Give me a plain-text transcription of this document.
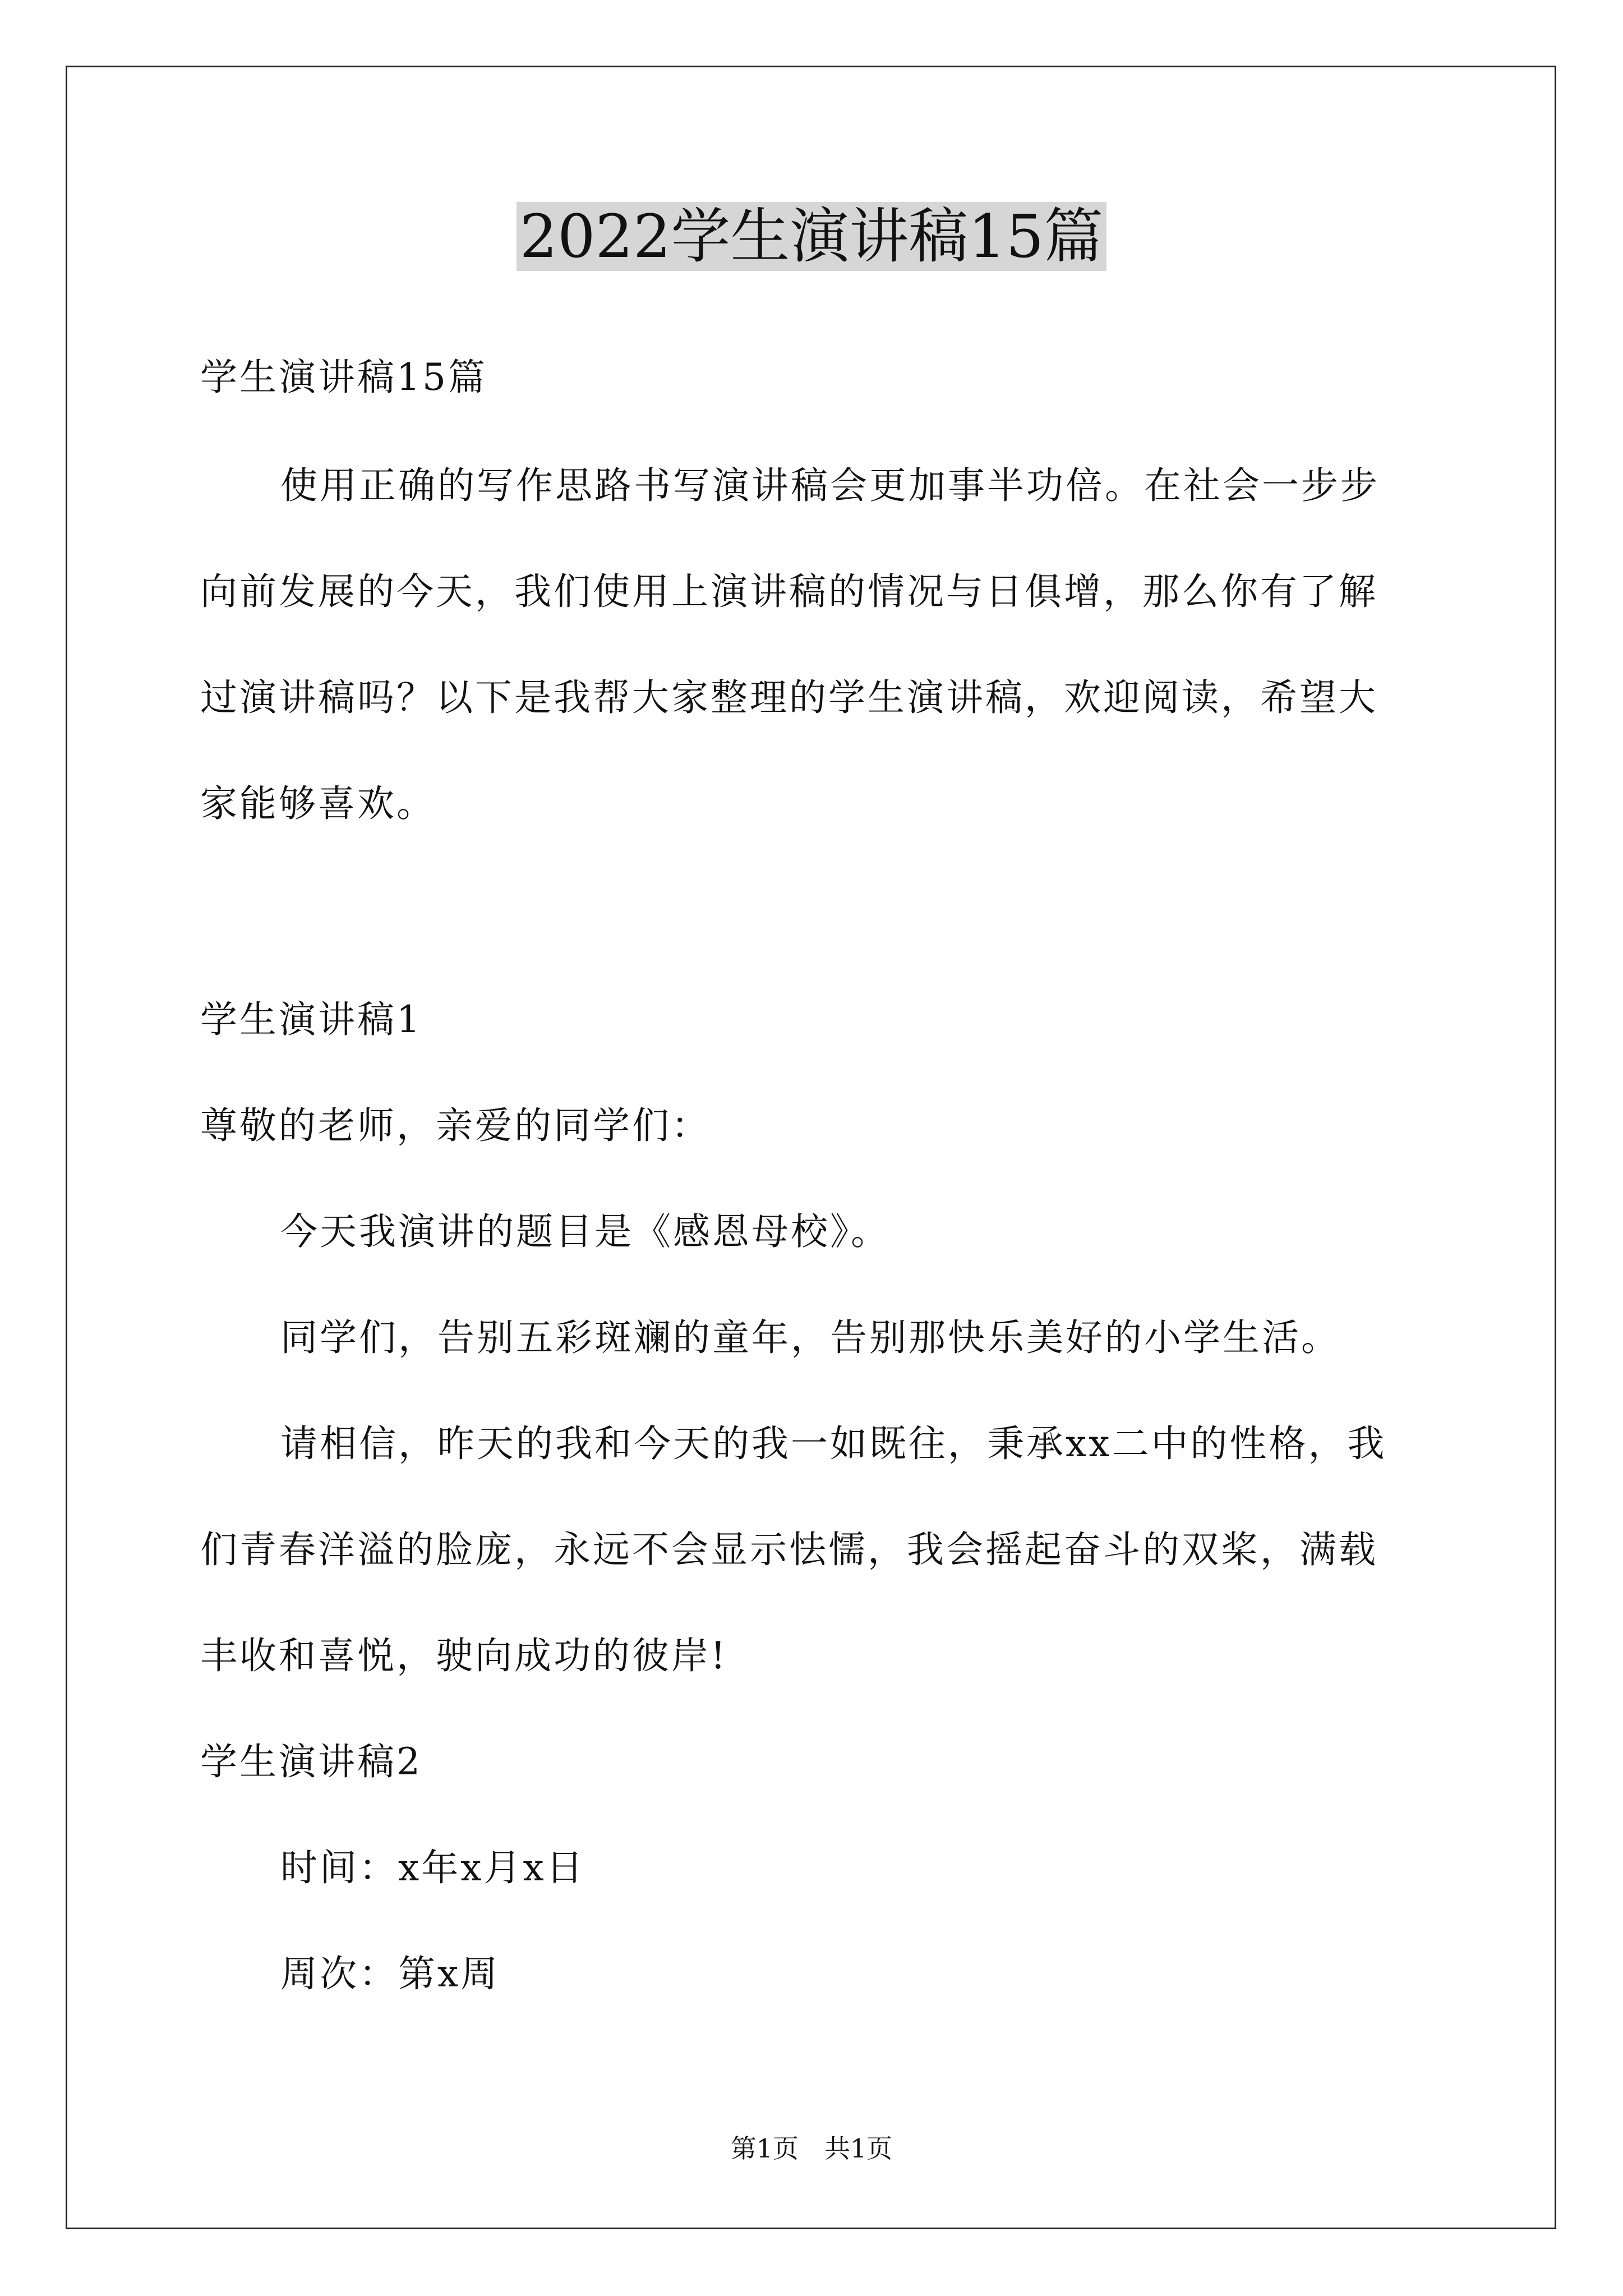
2022学生演讲稿15篇
学生演讲稿15篇
使用正确的写作思路书写演讲稿会更加事半功倍。在社会一步步
向前发展的今天，我们使用上演讲稿的情况与日俱增，那么你有了解
过演讲稿吗？以下是我帮大家整理的学生演讲稿，欢迎阅读，希望大
家能够喜欢。
学生演讲稿1
尊敬的老师，亲爱的同学们：
今天我演讲的题目是《感恩母校》。
同学们，告别五彩斑斓的童年，告别那快乐美好的小学生活。
请相信，昨天的我和今天的我一如既往，秉承xx二中的性格，我
们青春洋溢的脸庞，永远不会显示怯懦，我会摇起奋斗的双桨，满载
丰收和喜悦，驶向成功的彼岸!
学生演讲稿2
时间：x年x月x日
周次：第x周
第1页　共1页
